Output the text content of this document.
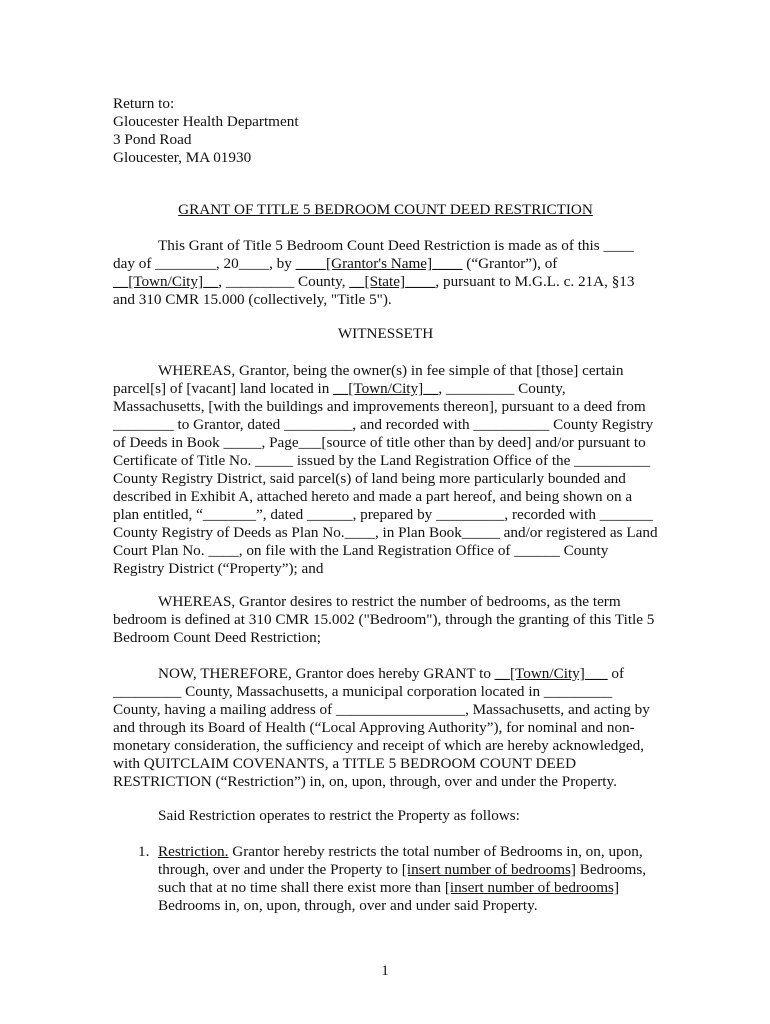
Return to:
Gloucester Health Department
3 Pond Road
Gloucester, MA 01930
GRANT OF TITLE 5 BEDROOM COUNT DEED RESTRICTION
This Grant of Title 5 Bedroom Count Deed Restriction is made as of this ____
day of ________, 20____, by ____[Grantor's Name]____ (“Grantor”), of
__[Town/City]__, _________ County, __[State]____, pursuant to M.G.L. c. 21A, §13
and 310 CMR 15.000 (collectively, "Title 5").
WITNESSETH
WHEREAS, Grantor, being the owner(s) in fee simple of that [those] certain
parcel[s] of [vacant] land located in __[Town/City]__, _________ County,
Massachusetts, [with the buildings and improvements thereon], pursuant to a deed from
________ to Grantor, dated _________, and recorded with __________ County Registry
of Deeds in Book _____, Page___[source of title other than by deed] and/or pursuant to
Certificate of Title No. _____ issued by the Land Registration Office of the __________
County Registry District, said parcel(s) of land being more particularly bounded and
described in Exhibit A, attached hereto and made a part hereof, and being shown on a
plan entitled, “_______”, dated ______, prepared by _________, recorded with _______
County Registry of Deeds as Plan No.____, in Plan Book_____ and/or registered as Land
Court Plan No. ____, on file with the Land Registration Office of ______ County
Registry District (“Property”); and
WHEREAS, Grantor desires to restrict the number of bedrooms, as the term
bedroom is defined at 310 CMR 15.002 ("Bedroom"), through the granting of this Title 5
Bedroom Count Deed Restriction;
NOW, THEREFORE, Grantor does hereby GRANT to __[Town/City]___ of
_________ County, Massachusetts, a municipal corporation located in _________
County, having a mailing address of _________________, Massachusetts, and acting by
and through its Board of Health (“Local Approving Authority”), for nominal and non-
monetary consideration, the sufficiency and receipt of which are hereby acknowledged,
with QUITCLAIM COVENANTS, a TITLE 5 BEDROOM COUNT DEED
RESTRICTION (“Restriction”) in, on, upon, through, over and under the Property.
Said Restriction operates to restrict the Property as follows:
1. Restriction. Grantor hereby restricts the total number of Bedrooms in, on, upon,
through, over and under the Property to [insert number of bedrooms] Bedrooms,
such that at no time shall there exist more than [insert number of bedrooms]
Bedrooms in, on, upon, through, over and under said Property.
1
